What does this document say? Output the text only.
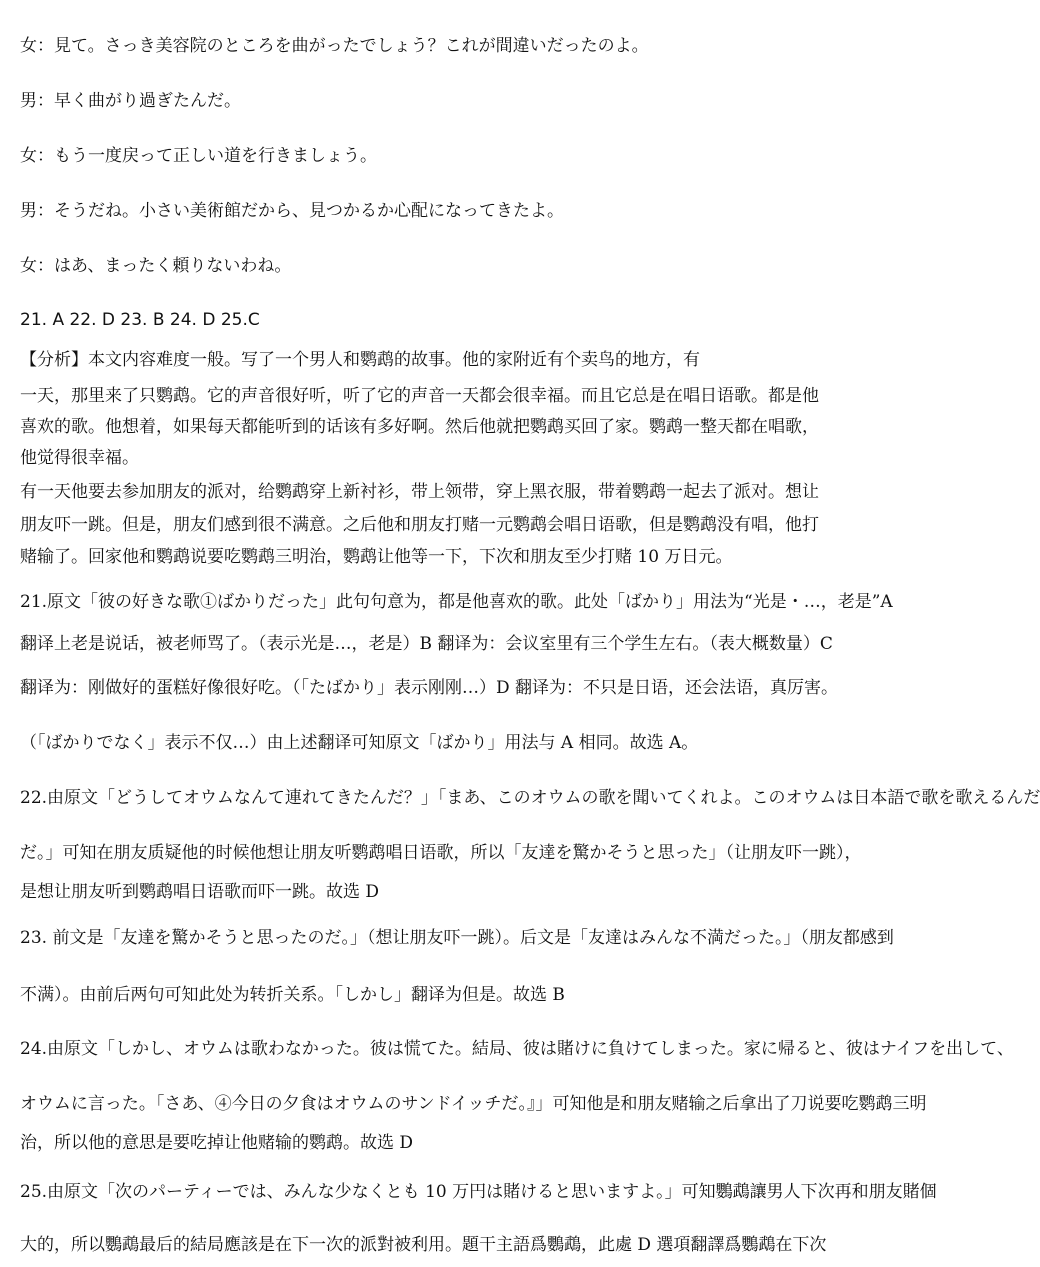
女：見て。さっき美容院のところを曲がったでしょう？これが間違いだったのよ。
男：早く曲がり過ぎたんだ。
女：もう一度戻って正しい道を行きましょう。
男：そうだね。小さい美術館だから、見つかるか心配になってきたよ。
女：はあ、まったく頼りないわね。
21. A 22. D 23. B 24. D 25.C
【分析】本文内容难度一般。写了一个男人和鹦鹉的故事。他的家附近有个卖鸟的地方，有
一天，那里来了只鹦鹉。它的声音很好听，听了它的声音一天都会很幸福。而且它总是在唱日语歌。都是他
喜欢的歌。他想着，如果每天都能听到的话该有多好啊。然后他就把鹦鹉买回了家。鹦鹉一整天都在唱歌，
他觉得很幸福。
有一天他要去参加朋友的派对，给鹦鹉穿上新衬衫，带上领带，穿上黑衣服，带着鹦鹉一起去了派对。想让
朋友吓一跳。但是，朋友们感到很不满意。之后他和朋友打赌一元鹦鹉会唱日语歌，但是鹦鹉没有唱，他打
赌输了。回家他和鹦鹉说要吃鹦鹉三明治，鹦鹉让他等一下，下次和朋友至少打赌 10 万日元。
21.原文「彼の好きな歌①ばかりだった」此句句意为，都是他喜欢的歌。此处「ばかり」用法为“光是・…，老是”A
翻译上老是说话，被老师骂了。（表示光是…，老是）B 翻译为：会议室里有三个学生左右。（表大概数量）C
翻译为：刚做好的蛋糕好像很好吃。（「たばかり」表示刚刚…）D 翻译为：不只是日语，还会法语，真厉害。
（「ばかりでなく」表示不仅…）由上述翻译可知原文「ばかり」用法与 A 相同。故选 A。
22.由原文「どうしてオウムなんて連れてきたんだ？」「まあ、このオウムの歌を聞いてくれよ。このオウムは日本語で歌を歌えるんだ
だ。」可知在朋友质疑他的时候他想让朋友听鹦鹉唱日语歌，所以「友達を驚かそうと思った」（让朋友吓一跳），
是想让朋友听到鹦鹉唱日语歌而吓一跳。故选 D
23. 前文是「友達を驚かそうと思ったのだ。」（想让朋友吓一跳）。后文是「友達はみんな不満だった。」（朋友都感到
不满）。由前后两句可知此处为转折关系。「しかし」翻译为但是。故选 B
24.由原文「しかし、オウムは歌わなかった。彼は慌てた。結局、彼は賭けに負けてしまった。家に帰ると、彼はナイフを出して、
オウムに言った。「さあ、④今日の夕食はオウムのサンドイッチだ。』」可知他是和朋友赌输之后拿出了刀说要吃鹦鹉三明
治，所以他的意思是要吃掉让他赌输的鹦鹉。故选 D
25.由原文「次のパーティーでは、みんな少なくとも 10 万円は賭けると思いますよ。」可知鸚鵡讓男人下次再和朋友賭個
大的，所以鸚鵡最后的結局應該是在下一次的派對被利用。題干主語爲鸚鵡，此處 D 選項翻譯爲鸚鵡在下次
